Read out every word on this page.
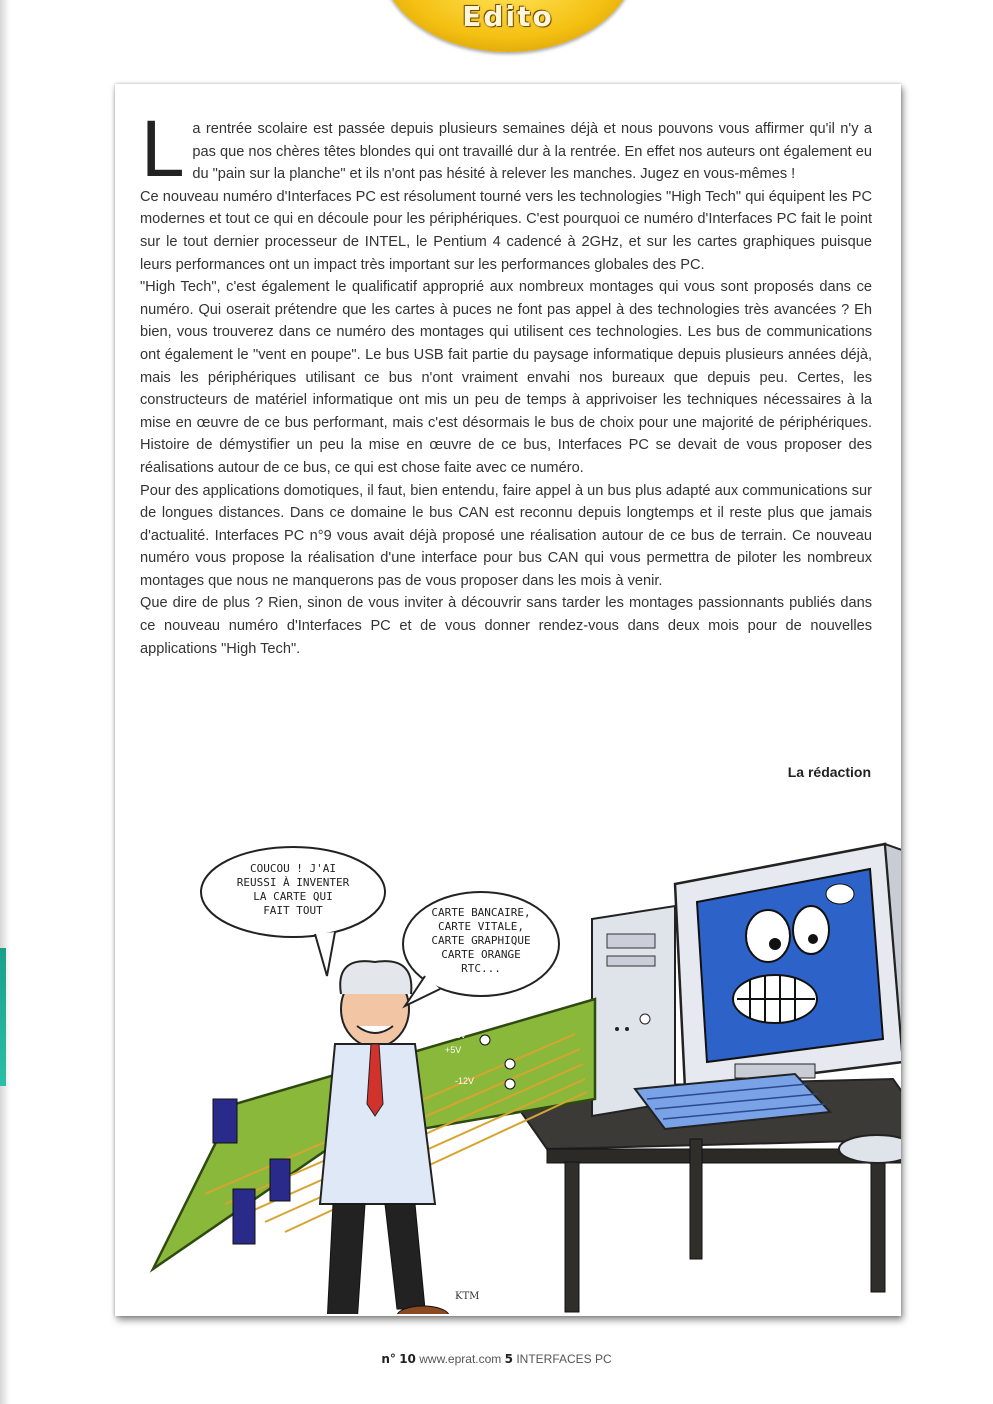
Edito

La rentrée scolaire est passée depuis plusieurs semaines déjà et nous pouvons vous affirmer qu'il n'y a pas que nos chères têtes blondes qui ont travaillé dur à la rentrée. En effet nos auteurs ont également eu du "pain sur la planche" et ils n'ont pas hésité à relever les manches. Jugez en vous-mêmes !

Ce nouveau numéro d'Interfaces PC est résolument tourné vers les technologies "High Tech" qui équipent les PC modernes et tout ce qui en découle pour les périphériques. C'est pourquoi ce numéro d'Interfaces PC fait le point sur le tout dernier processeur de INTEL, le Pentium 4 cadencé à 2GHz, et sur les cartes graphiques puisque leurs performances ont un impact très important sur les performances globales des PC.

"High Tech", c'est également le qualificatif approprié aux nombreux montages qui vous sont proposés dans ce numéro. Qui oserait prétendre que les cartes à puces ne font pas appel à des technologies très avancées ? Eh bien, vous trouverez dans ce numéro des montages qui utilisent ces technologies. Les bus de communications ont également le "vent en poupe". Le bus USB fait partie du paysage informatique depuis plusieurs années déjà, mais les périphériques utilisant ce bus n'ont vraiment envahi nos bureaux que depuis peu. Certes, les constructeurs de matériel informatique ont mis un peu de temps à apprivoiser les techniques nécessaires à la mise en œuvre de ce bus performant, mais c'est désormais le bus de choix pour une majorité de périphériques. Histoire de démystifier un peu la mise en œuvre de ce bus, Interfaces PC se devait de vous proposer des réalisations autour de ce bus, ce qui est chose faite avec ce numéro.

Pour des applications domotiques, il faut, bien entendu, faire appel à un bus plus adapté aux communications sur de longues distances. Dans ce domaine le bus CAN est reconnu depuis longtemps et il reste plus que jamais d'actualité. Interfaces PC n°9 vous avait déjà proposé une réalisation autour de ce bus de terrain. Ce nouveau numéro vous propose la réalisation d'une interface pour bus CAN qui vous permettra de piloter les nombreux montages que nous ne manquerons pas de vous proposer dans les mois à venir.

Que dire de plus ? Rien, sinon de vous inviter à découvrir sans tarder les montages passionnants publiés dans ce nouveau numéro d'Interfaces PC et de vous donner rendez-vous dans deux mois pour de nouvelles applications "High Tech".

La rédaction
+12V
+5V
-12V
COUCOU ! J'AI
REUSSI À INVENTER
LA CARTE QUI
FAIT TOUT	CARTE BANCAIRE,
CARTE VITALE,
CARTE GRAPHIQUE
CARTE ORANGE
RTC...
KTM
n° 10 www.eprat.com 5 INTERFACES PC
